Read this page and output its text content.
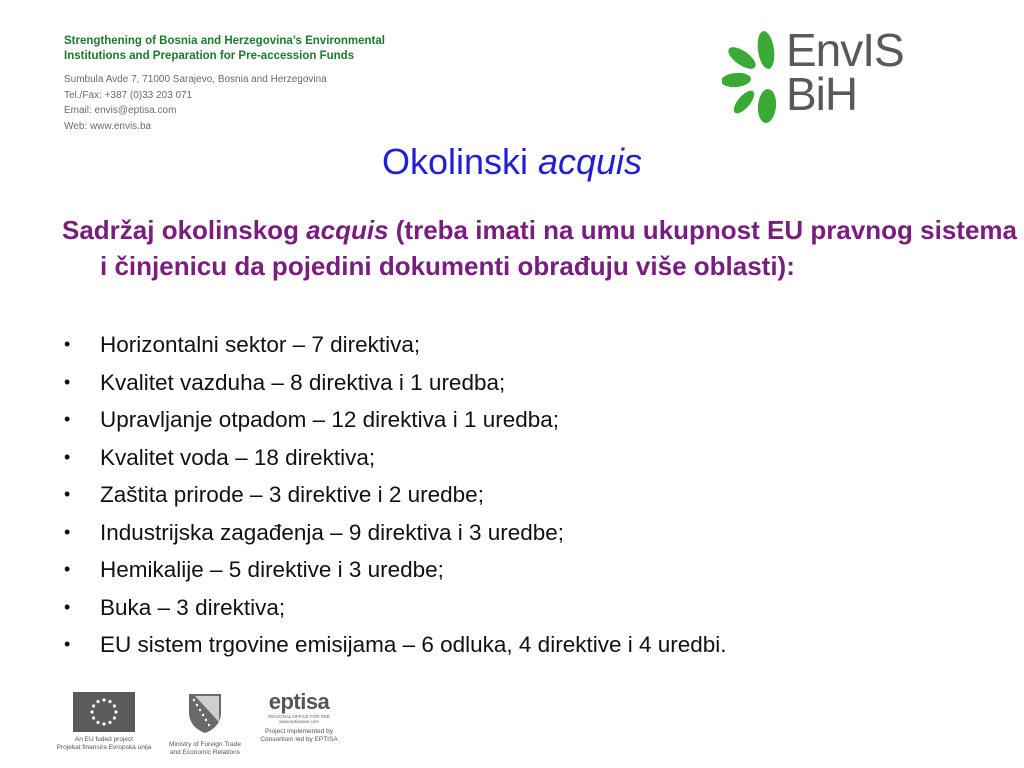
Strengthening of Bosnia and Herzegovina’s Environmental
Institutions and Preparation for Pre-accession Funds
Sumbula Avde 7, 71000 Sarajevo, Bosnia and Herzegovina
Tel./Fax: +387 (0)33 203 071
Email: envis@eptisa.com
Web: www.envis.ba
EnvIS
BiH
Okolinski acquis
Sadržaj okolinskog acquis (treba imati na umu ukupnost EU pravnog sistema i činjenicu da pojedini dokumenti obrađuju više oblasti):
• Horizontalni sektor – 7 direktiva;
• Kvalitet vazduha – 8 direktiva i 1 uredba;
• Upravljanje otpadom – 12 direktiva i 1 uredba;
• Kvalitet voda – 18 direktiva;
• Zaštita prirode – 3 direktive i 2 uredbe;
• Industrijska zagađenja – 9 direktiva i 3 uredbe;
• Hemikalije – 5 direktive i 3 uredbe;
• Buka – 3 direktiva;
• EU sistem trgovine emisijama – 6 odluka, 4 direktive i 4 uredbi.
An EU fuded project
Projekat finansira Evropska unija	Ministry of Foreign Trade
and Economic Relations
eptisa
REGIONAL OFFICE FOR SEE
www.eptisasee.com
Project implemented by
Consortium led by EPTISA
